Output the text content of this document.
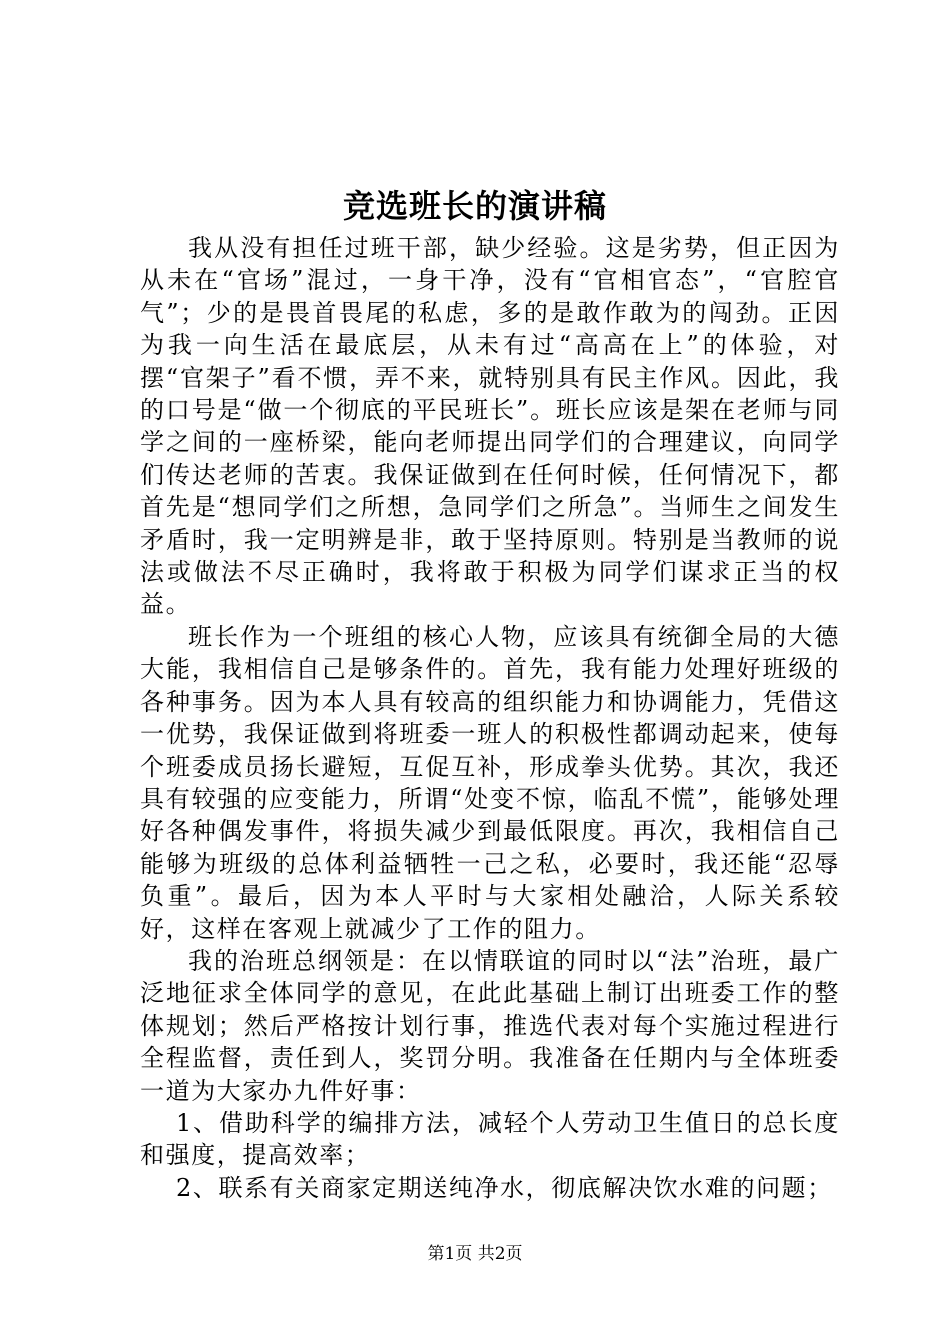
竞选班长的演讲稿

我从没有担任过班干部，缺少经验。这是劣势，但正因为从未在“官场”混过，一身干净，没有“官相官态”，“官腔官气”；少的是畏首畏尾的私虑，多的是敢作敢为的闯劲。正因为我一向生活在最底层，从未有过“高高在上”的体验，对摆“官架子”看不惯，弄不来，就特别具有民主作风。因此，我的口号是“做一个彻底的平民班长”。班长应该是架在老师与同学之间的一座桥梁，能向老师提出同学们的合理建议，向同学们传达老师的苦衷。我保证做到在任何时候，任何情况下，都首先是“想同学们之所想，急同学们之所急”。当师生之间发生矛盾时，我一定明辨是非，敢于坚持原则。特别是当教师的说法或做法不尽正确时，我将敢于积极为同学们谋求正当的权益。

班长作为一个班组的核心人物，应该具有统御全局的大德大能，我相信自己是够条件的。首先，我有能力处理好班级的各种事务。因为本人具有较高的组织能力和协调能力，凭借这一优势，我保证做到将班委一班人的积极性都调动起来，使每个班委成员扬长避短，互促互补，形成拳头优势。其次，我还具有较强的应变能力，所谓“处变不惊，临乱不慌”，能够处理好各种偶发事件，将损失减少到最低限度。再次，我相信自己能够为班级的总体利益牺牲一己之私，必要时，我还能“忍辱负重”。最后，因为本人平时与大家相处融洽，人际关系较好，这样在客观上就减少了工作的阻力。

我的治班总纲领是：在以情联谊的同时以“法”治班，最广泛地征求全体同学的意见，在此此基础上制订出班委工作的整体规划；然后严格按计划行事，推选代表对每个实施过程进行全程监督，责任到人，奖罚分明。我准备在任期内与全体班委一道为大家办九件好事：

1、借助科学的编排方法，减轻个人劳动卫生值日的总长度和强度，提高效率；

2、联系有关商家定期送纯净水，彻底解决饮水难的问题；

第1页 共2页
